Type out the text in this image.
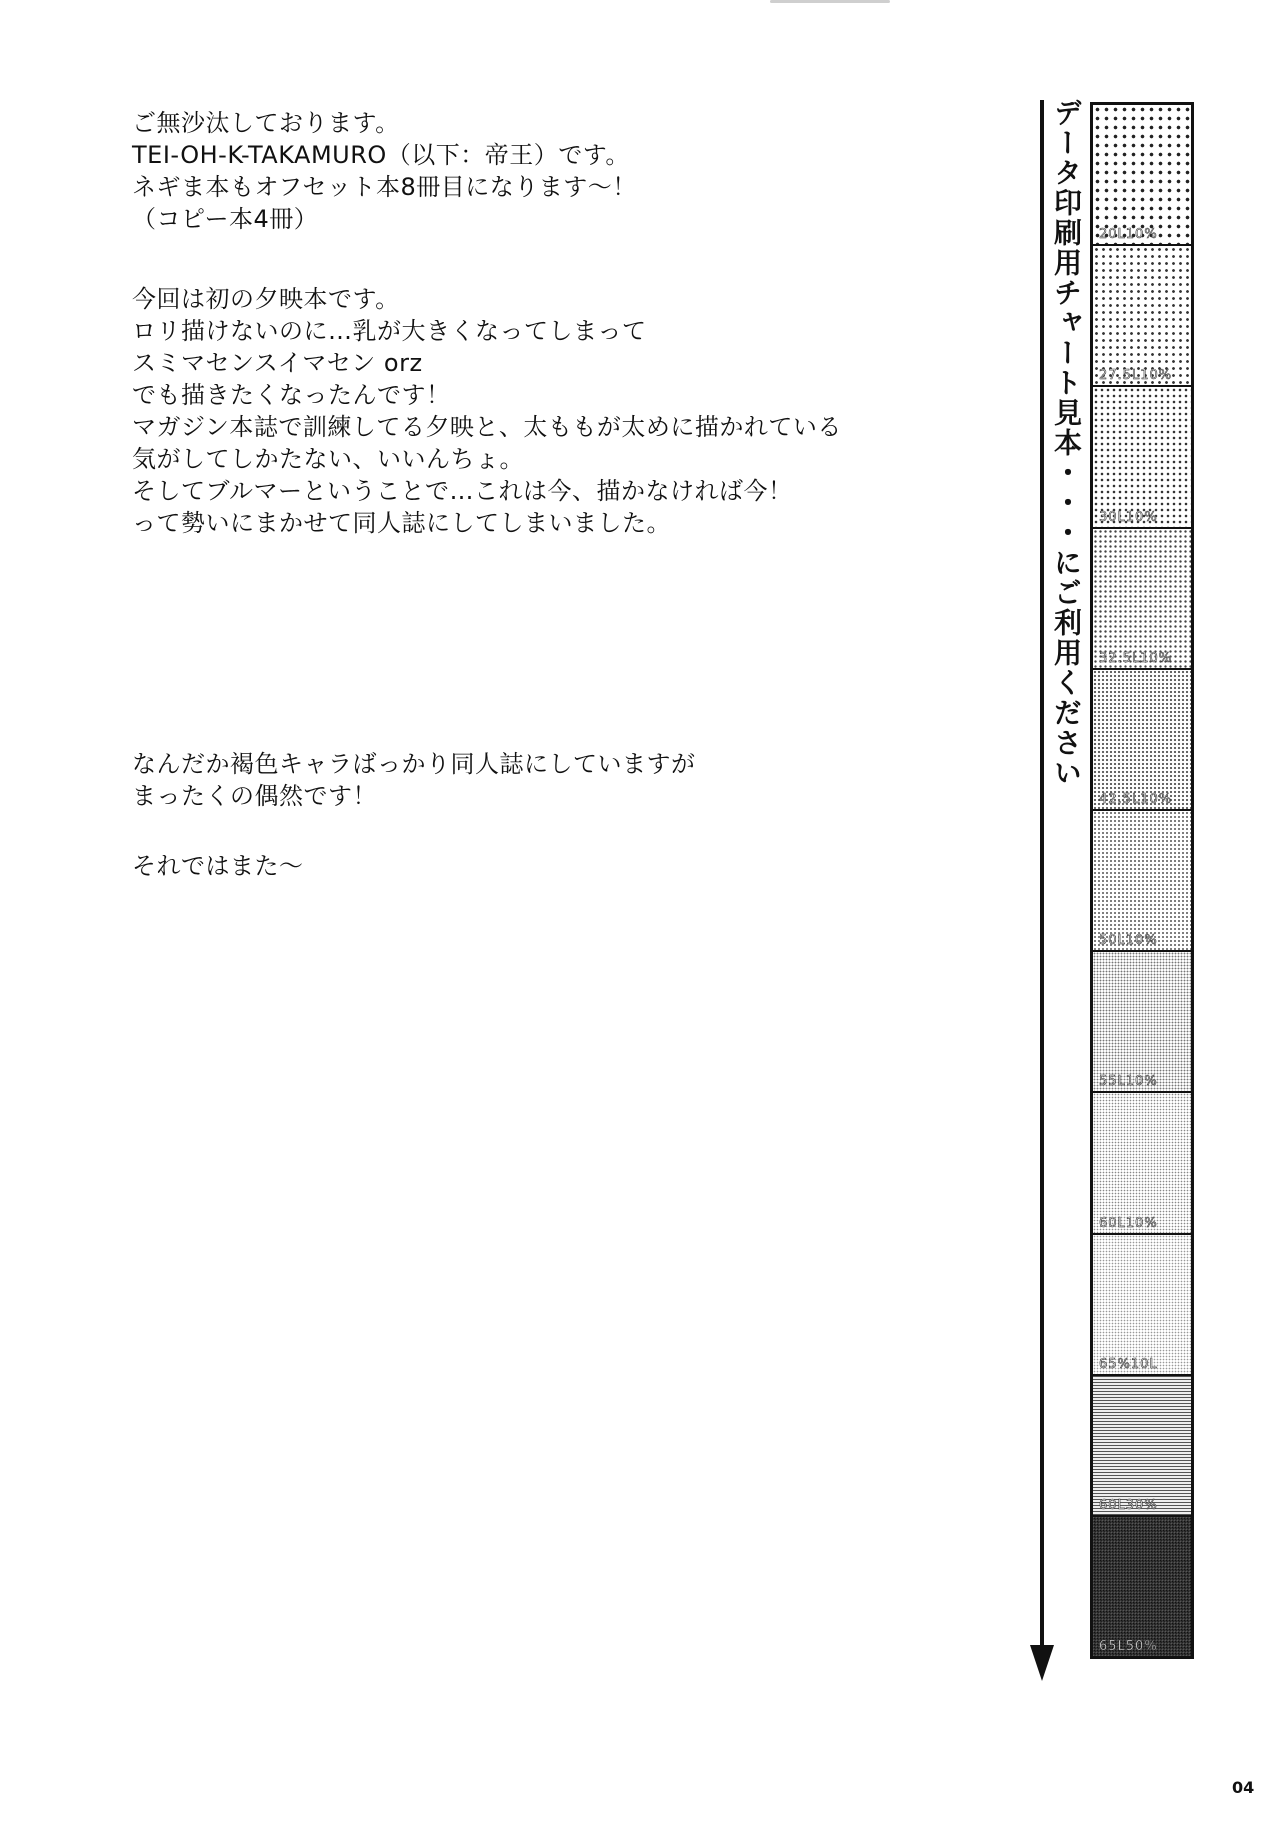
ご無沙汰しております。
TEI-OH-K-TAKAMURO（以下：帝王）です。
ネギま本もオフセット本8冊目になります～！
（コピー本4冊）
今回は初の夕映本です。
ロリ描けないのに…乳が大きくなってしまって
スミマセンスイマセン orz
でも描きたくなったんです！
マガジン本誌で訓練してる夕映と、太ももが太めに描かれている
気がしてしかたない、いいんちょ。
そしてブルマーということで…これは今、描かなければ今！
って勢いにまかせて同人誌にしてしまいました。
なんだか褐色キャラばっかり同人誌にしていますが
まったくの偶然です！
それではまた～
データ印刷用チャート見本・・・にご利用ください 20L10%
27.5L10%
30L10%
32.5L10%
42.5L10%
50L10%
55L10%
60L10%
65%10L
60L30%
65L50%
04
